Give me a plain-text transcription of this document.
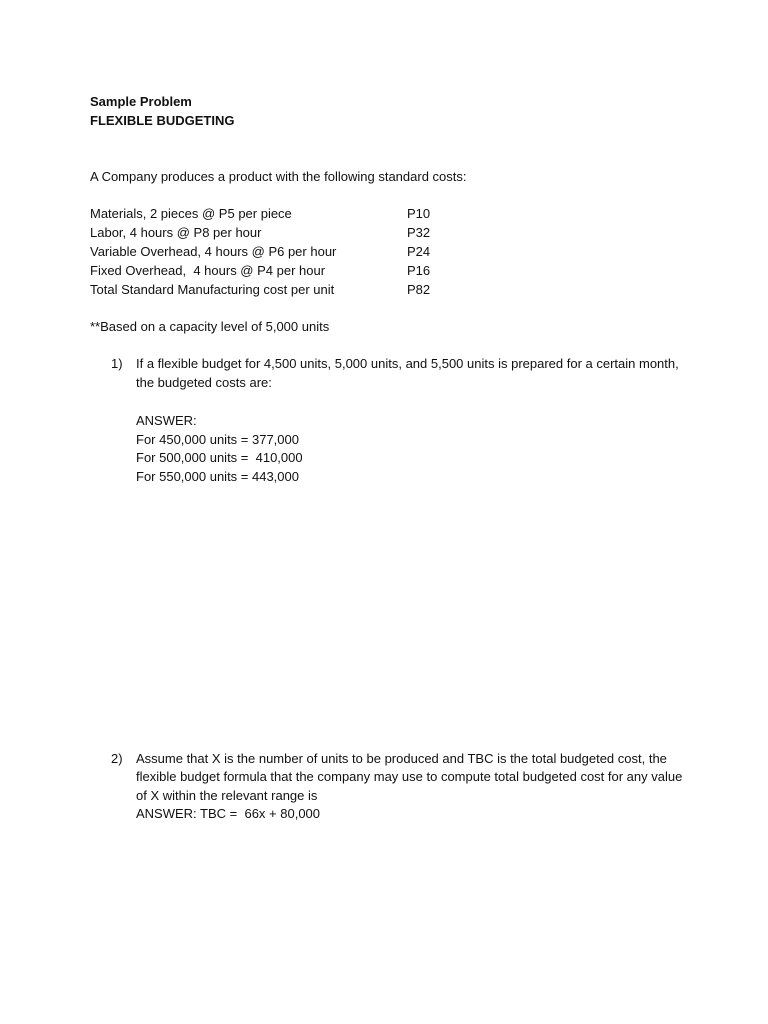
Sample Problem
FLEXIBLE BUDGETING
A Company produces a product with the following standard costs:
Materials, 2 pieces @ P5 per piece	P10
Labor, 4 hours @ P8 per hour	P32
Variable Overhead, 4 hours @ P6 per hour	P24
Fixed Overhead,  4 hours @ P4 per hour	P16
Total Standard Manufacturing cost per unit	P82
**Based on a capacity level of 5,000 units
1) If a flexible budget for 4,500 units, 5,000 units, and 5,500 units is prepared for a certain month,
the budgeted costs are:
ANSWER:
For 450,000 units = 377,000
For 500,000 units =  410,000
For 550,000 units = 443,000
2) Assume that X is the number of units to be produced and TBC is the total budgeted cost, the
flexible budget formula that the company may use to compute total budgeted cost for any value
of X within the relevant range is
ANSWER: TBC =  66x + 80,000
